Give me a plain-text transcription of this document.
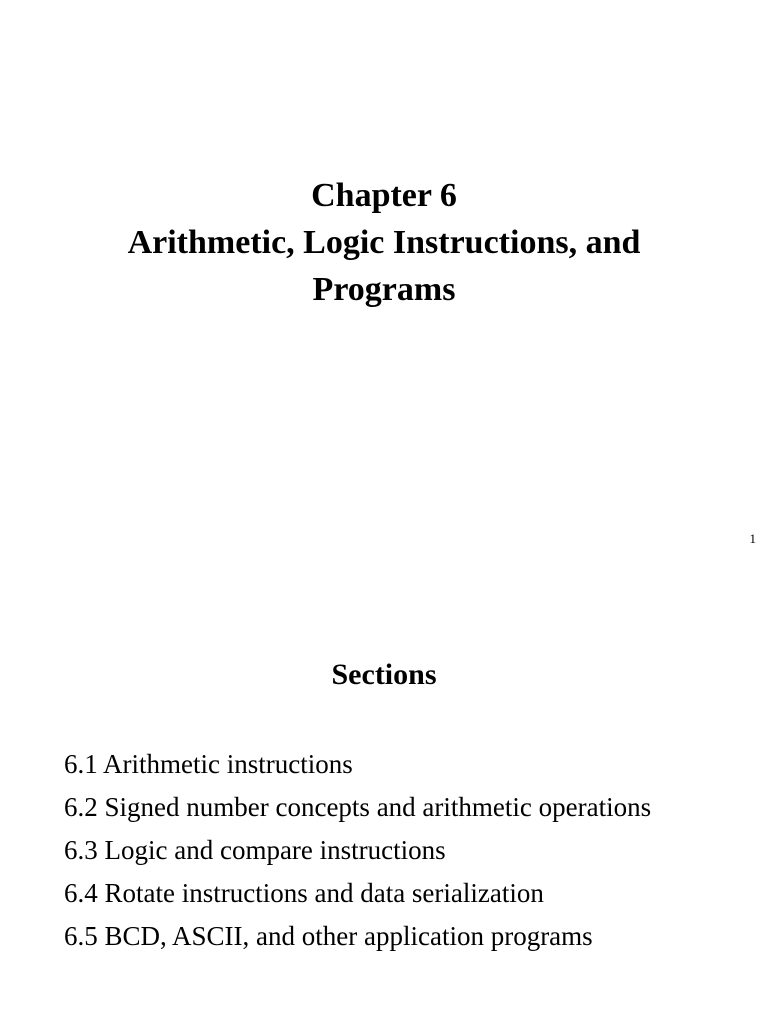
Chapter 6
Arithmetic, Logic Instructions, and
Programs
1
Sections
6.1 Arithmetic instructions
6.2 Signed number concepts and arithmetic operations
6.3 Logic and compare instructions
6.4 Rotate instructions and data serialization
6.5 BCD, ASCII, and other application programs
